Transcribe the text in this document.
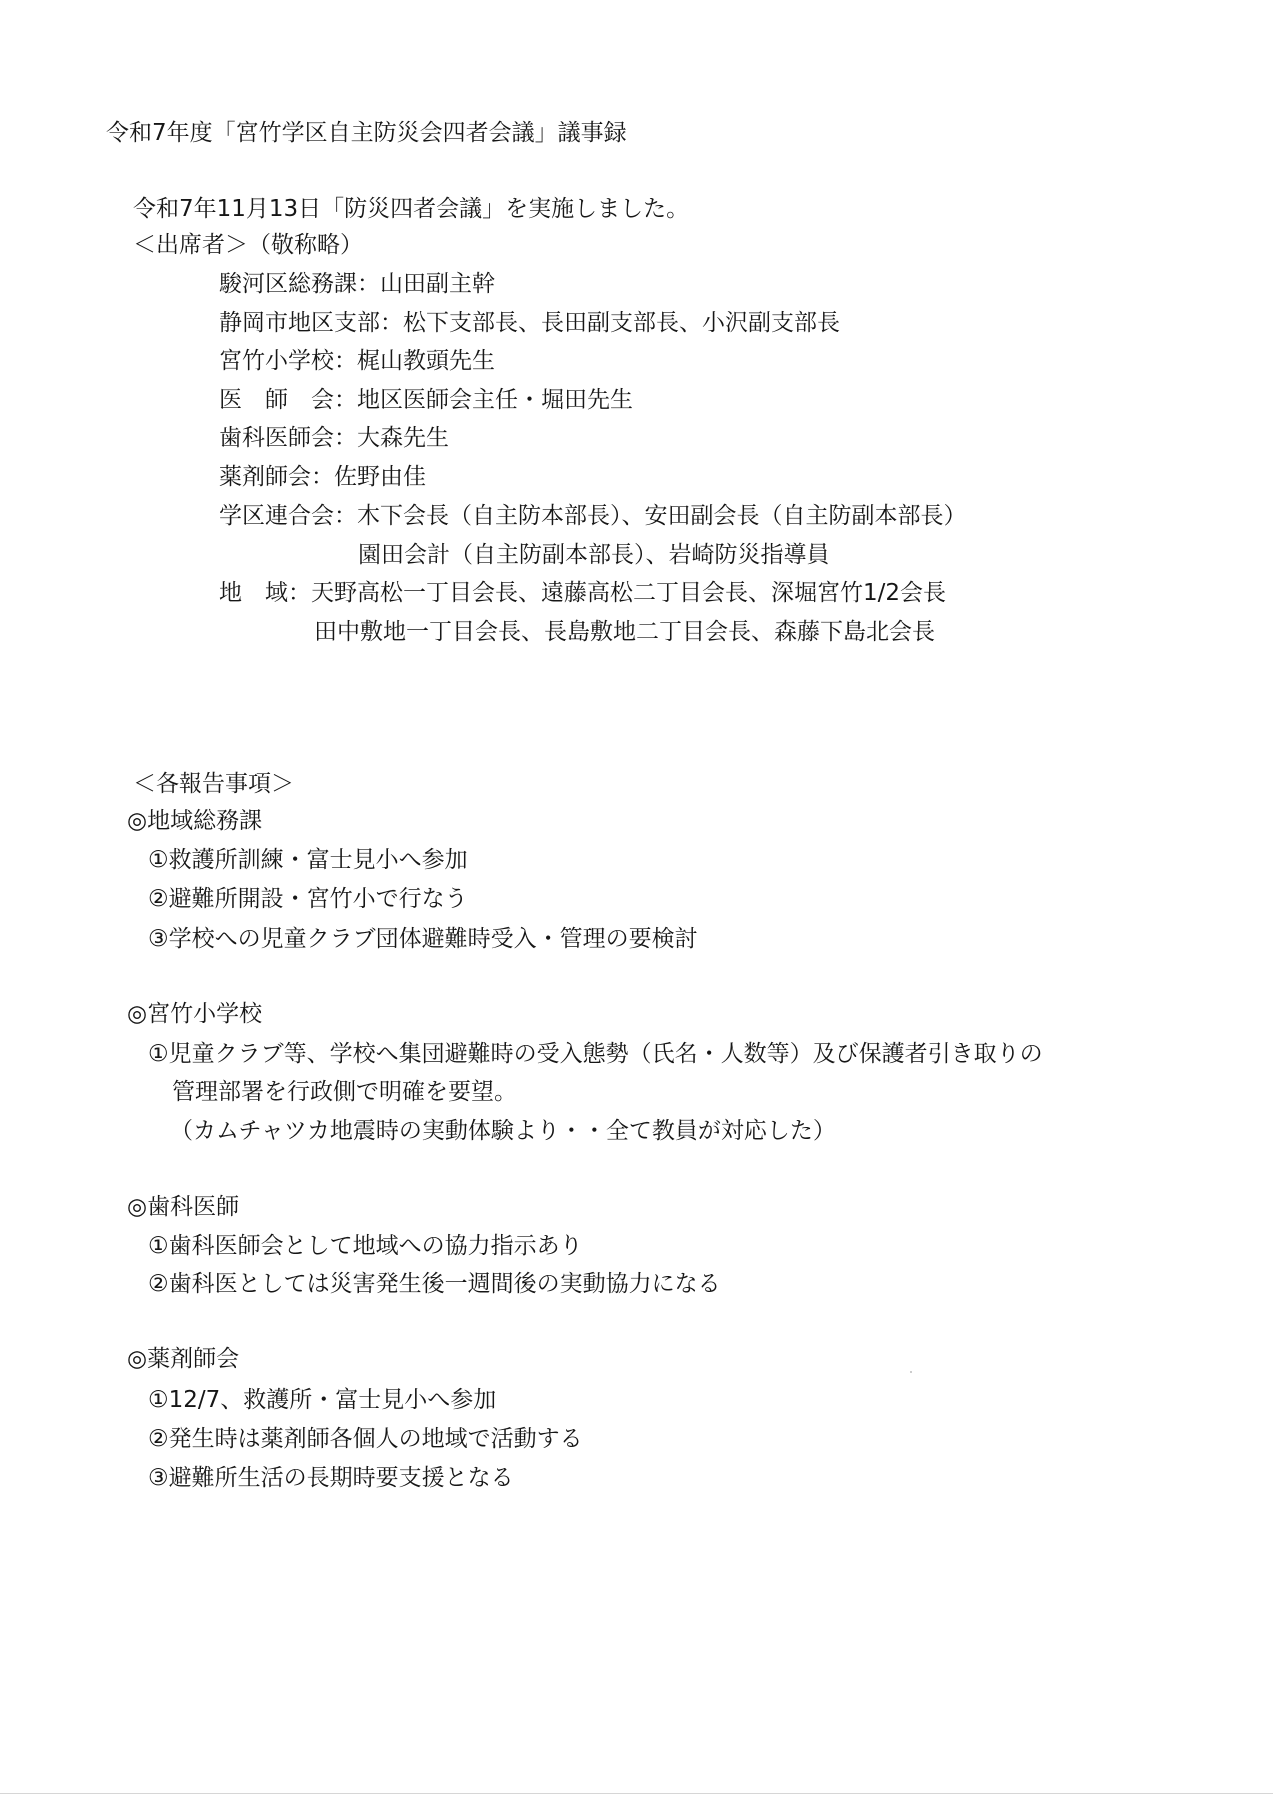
令和7年度「宮竹学区自主防災会四者会議」議事録
令和7年11月13日「防災四者会議」を実施しました。
＜出席者＞（敬称略）
駿河区総務課：山田副主幹
静岡市地区支部：松下支部長、長田副支部長、小沢副支部長
宮竹小学校：梶山教頭先生
医　師　会：地区医師会主任・堀田先生
歯科医師会：大森先生
薬剤師会：佐野由佳
学区連合会：木下会長（自主防本部長）、安田副会長（自主防副本部長）
園田会計（自主防副本部長）、岩崎防災指導員
地　域：天野高松一丁目会長、遠藤高松二丁目会長、深堀宮竹1/2会長
田中敷地一丁目会長、長島敷地二丁目会長、森藤下島北会長
＜各報告事項＞
◎地域総務課
①救護所訓練・富士見小へ参加
②避難所開設・宮竹小で行なう
③学校への児童クラブ団体避難時受入・管理の要検討
◎宮竹小学校
①児童クラブ等、学校へ集団避難時の受入態勢（氏名・人数等）及び保護者引き取りの
管理部署を行政側で明確を要望。
（カムチャツカ地震時の実動体験より・・全て教員が対応した）
◎歯科医師
①歯科医師会として地域への協力指示あり
②歯科医としては災害発生後一週間後の実動協力になる
◎薬剤師会
①12/7、救護所・富士見小へ参加
②発生時は薬剤師各個人の地域で活動する
③避難所生活の長期時要支援となる
